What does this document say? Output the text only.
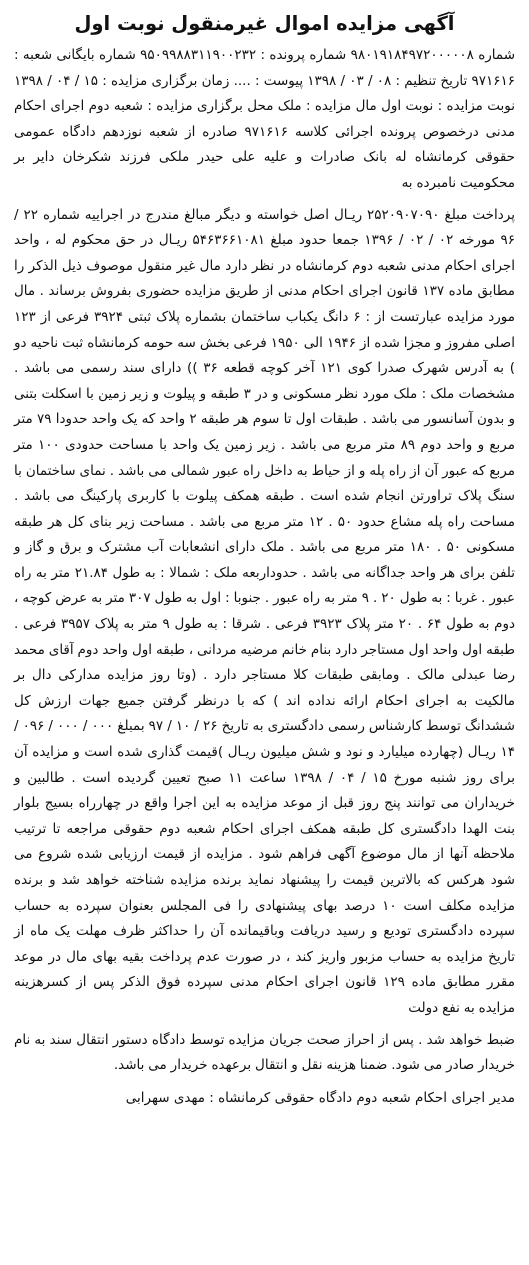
آگهی مزایده اموال غیرمنقول نوبت اول

شماره ۹۸۰۱۹۱۸۴۹۷۲۰۰۰۰۰۸ شماره پرونده : ۹۵۰۹۹۸۸۳۱۱۹۰۰۲۳۲ شماره بایگانی شعبه : ۹۷۱۶۱۶ تاریخ تنظیم : ۰۸ / ۰۳ / ۱۳۹۸ پیوست : .... زمان برگزاری مزایده : ۱۵ / ۰۴ / ۱۳۹۸ نوبت مزایده : نوبت اول مال مزایده : ملک محل برگزاری مزایده : شعبه دوم اجرای احکام مدنی درخصوص پرونده اجرائی کلاسه ۹۷۱۶۱۶ صادره از شعبه نوزدهم دادگاه عمومی حقوقی کرمانشاه له بانک صادرات و علیه علی حیدر ملکی فرزند شکرخان دایر بر محکومیت نامبرده به

پرداخت مبلغ ۲۵۲۰۹۰۷۰۹۰ ریـال اصل خواسته و دیگر مبالغ مندرج در اجراییه شماره ۲۲ / ۹۶ مورخه ۰۲ / ۰۲ / ۱۳۹۶ جمعا حدود مبلغ ۵۴۶۳۶۶۱۰۸۱ ریـال در حق محکوم له ، واحد اجرای احکام مدنی شعبه دوم کرمانشاه در نظر دارد مال غیر منقول موصوف ذیل الذکر را مطابق ماده ۱۳۷ قانون اجرای احکام مدنی از طریق مزایده حضوری بفروش برساند . مال مورد مزایده عبارتست از : ۶ دانگ یکباب ساختمان بشماره پلاک ثبتی ۳۹۲۴ فرعی از ۱۲۳ اصلی مفروز و مجزا شده از ۱۹۴۶ الی ۱۹۵۰ فرعی بخش سه حومه کرمانشاه ثبت ناحیه دو ) به آدرس شهرک صدرا کوی ۱۲۱ آخر کوچه قطعه ۳۶ )) دارای سند رسمی می باشد . مشخصات ملک : ملک مورد نظر مسکونی و در ۳ طبقه و پیلوت و زیر زمین با اسکلت بتنی و بدون آسانسور می باشد . طبقات اول تا سوم هر طبقه ۲ واحد که یک واحد حدودا ۷۹ متر مربع و واحد دوم ۸۹ متر مربع می باشد . زیر زمین یک واحد با مساحت حدودی ۱۰۰ متر مربع که عبور آن از راه پله و از حیاط به داخل راه عبور شمالی می باشد . نمای ساختمان با سنگ پلاک تراورتن انجام شده است . طبقه همکف پیلوت با کاربری پارکینگ می باشد . مساحت راه پله مشاع حدود ۵۰ . ۱۲ متر مربع می باشد . مساحت زیر بنای کل هر طبقه مسکونی ۵۰ . ۱۸۰ متر مربع می باشد . ملک دارای انشعابات آب مشترک و برق و گاز و تلفن برای هر واحد جداگانه می باشد . حدوداربعه ملک : شمالا : به طول ۲۱.۸۴ متر به راه عبور . غربا : به طول ۲۰ . ۹ متر به راه عبور . جنوبا : اول به طول ۳۰۷ متر به عرض کوچه ، دوم به طول ۶۴ . ۲۰ متر پلاک ۳۹۲۳ فرعی . شرقا : به طول ۹ متر به پلاک ۳۹۵۷ فرعی . طبقه اول واحد اول مستاجر دارد بنام خانم مرضیه مردانی ، طبقه اول واحد دوم آقای محمد رضا عبدلی مالک . ومابقی طبقات کلا مستاجر دارد . (وتا روز مزایده مدارکی دال بر مالکیت به اجرای احکام ارائه نداده اند ) که با درنظر گرفتن جمیع جهات ارزش کل ششدانگ توسط کارشناس رسمی دادگستری به تاریخ ۲۶ / ۱۰ / ۹۷ بمبلغ ۰۰۰ / ۰۰۰ / ۰۹۶ / ۱۴ ریـال (چهارده میلیارد و نود و شش میلیون ریـال )قیمت گذاری شده است و مزایده آن برای روز شنبه مورخ ۱۵ / ۰۴ / ۱۳۹۸ ساعت ۱۱ صبح تعیین گردیده است . طالبین و خریداران می توانند پنج روز قبل از موعد مزایده به این اجرا واقع در چهارراه بسیج بلوار بنت الهدا دادگستری کل طبقه همکف اجرای احکام شعبه دوم حقوقی مراجعه تا ترتیب ملاحظه آنها از مال موضوع آگهی فراهم شود . مزایده از قیمت ارزیابی شده شروع می شود هرکس که بالاترین قیمت را پیشنهاد نماید برنده مزایده شناخته خواهد شد و برنده مزایده مکلف است ۱۰ درصد بهای پیشنهادی را فی المجلس بعنوان سپرده به حساب سپرده دادگستری تودیع و رسید دریافت وباقیمانده آن را حداکثر ظرف مهلت یک ماه از تاریخ مزایده به حساب مزبور واریز کند ، در صورت عدم پرداخت بقیه بهای مال در موعد مقرر مطابق ماده ۱۲۹ قانون اجرای احکام مدنی سپرده فوق الذکر پس از کسرهزینه مزایده به نفع دولت

ضبط خواهد شد . پس از احراز صحت جریان مزایده توسط دادگاه دستور انتقال سند به نام خریدار صادر می شود. ضمنا هزینه نقل و انتقال برعهده خریدار می باشد.

مدیر اجرای احکام شعبه دوم دادگاه حقوقی کرمانشاه : مهدی سهرابی
